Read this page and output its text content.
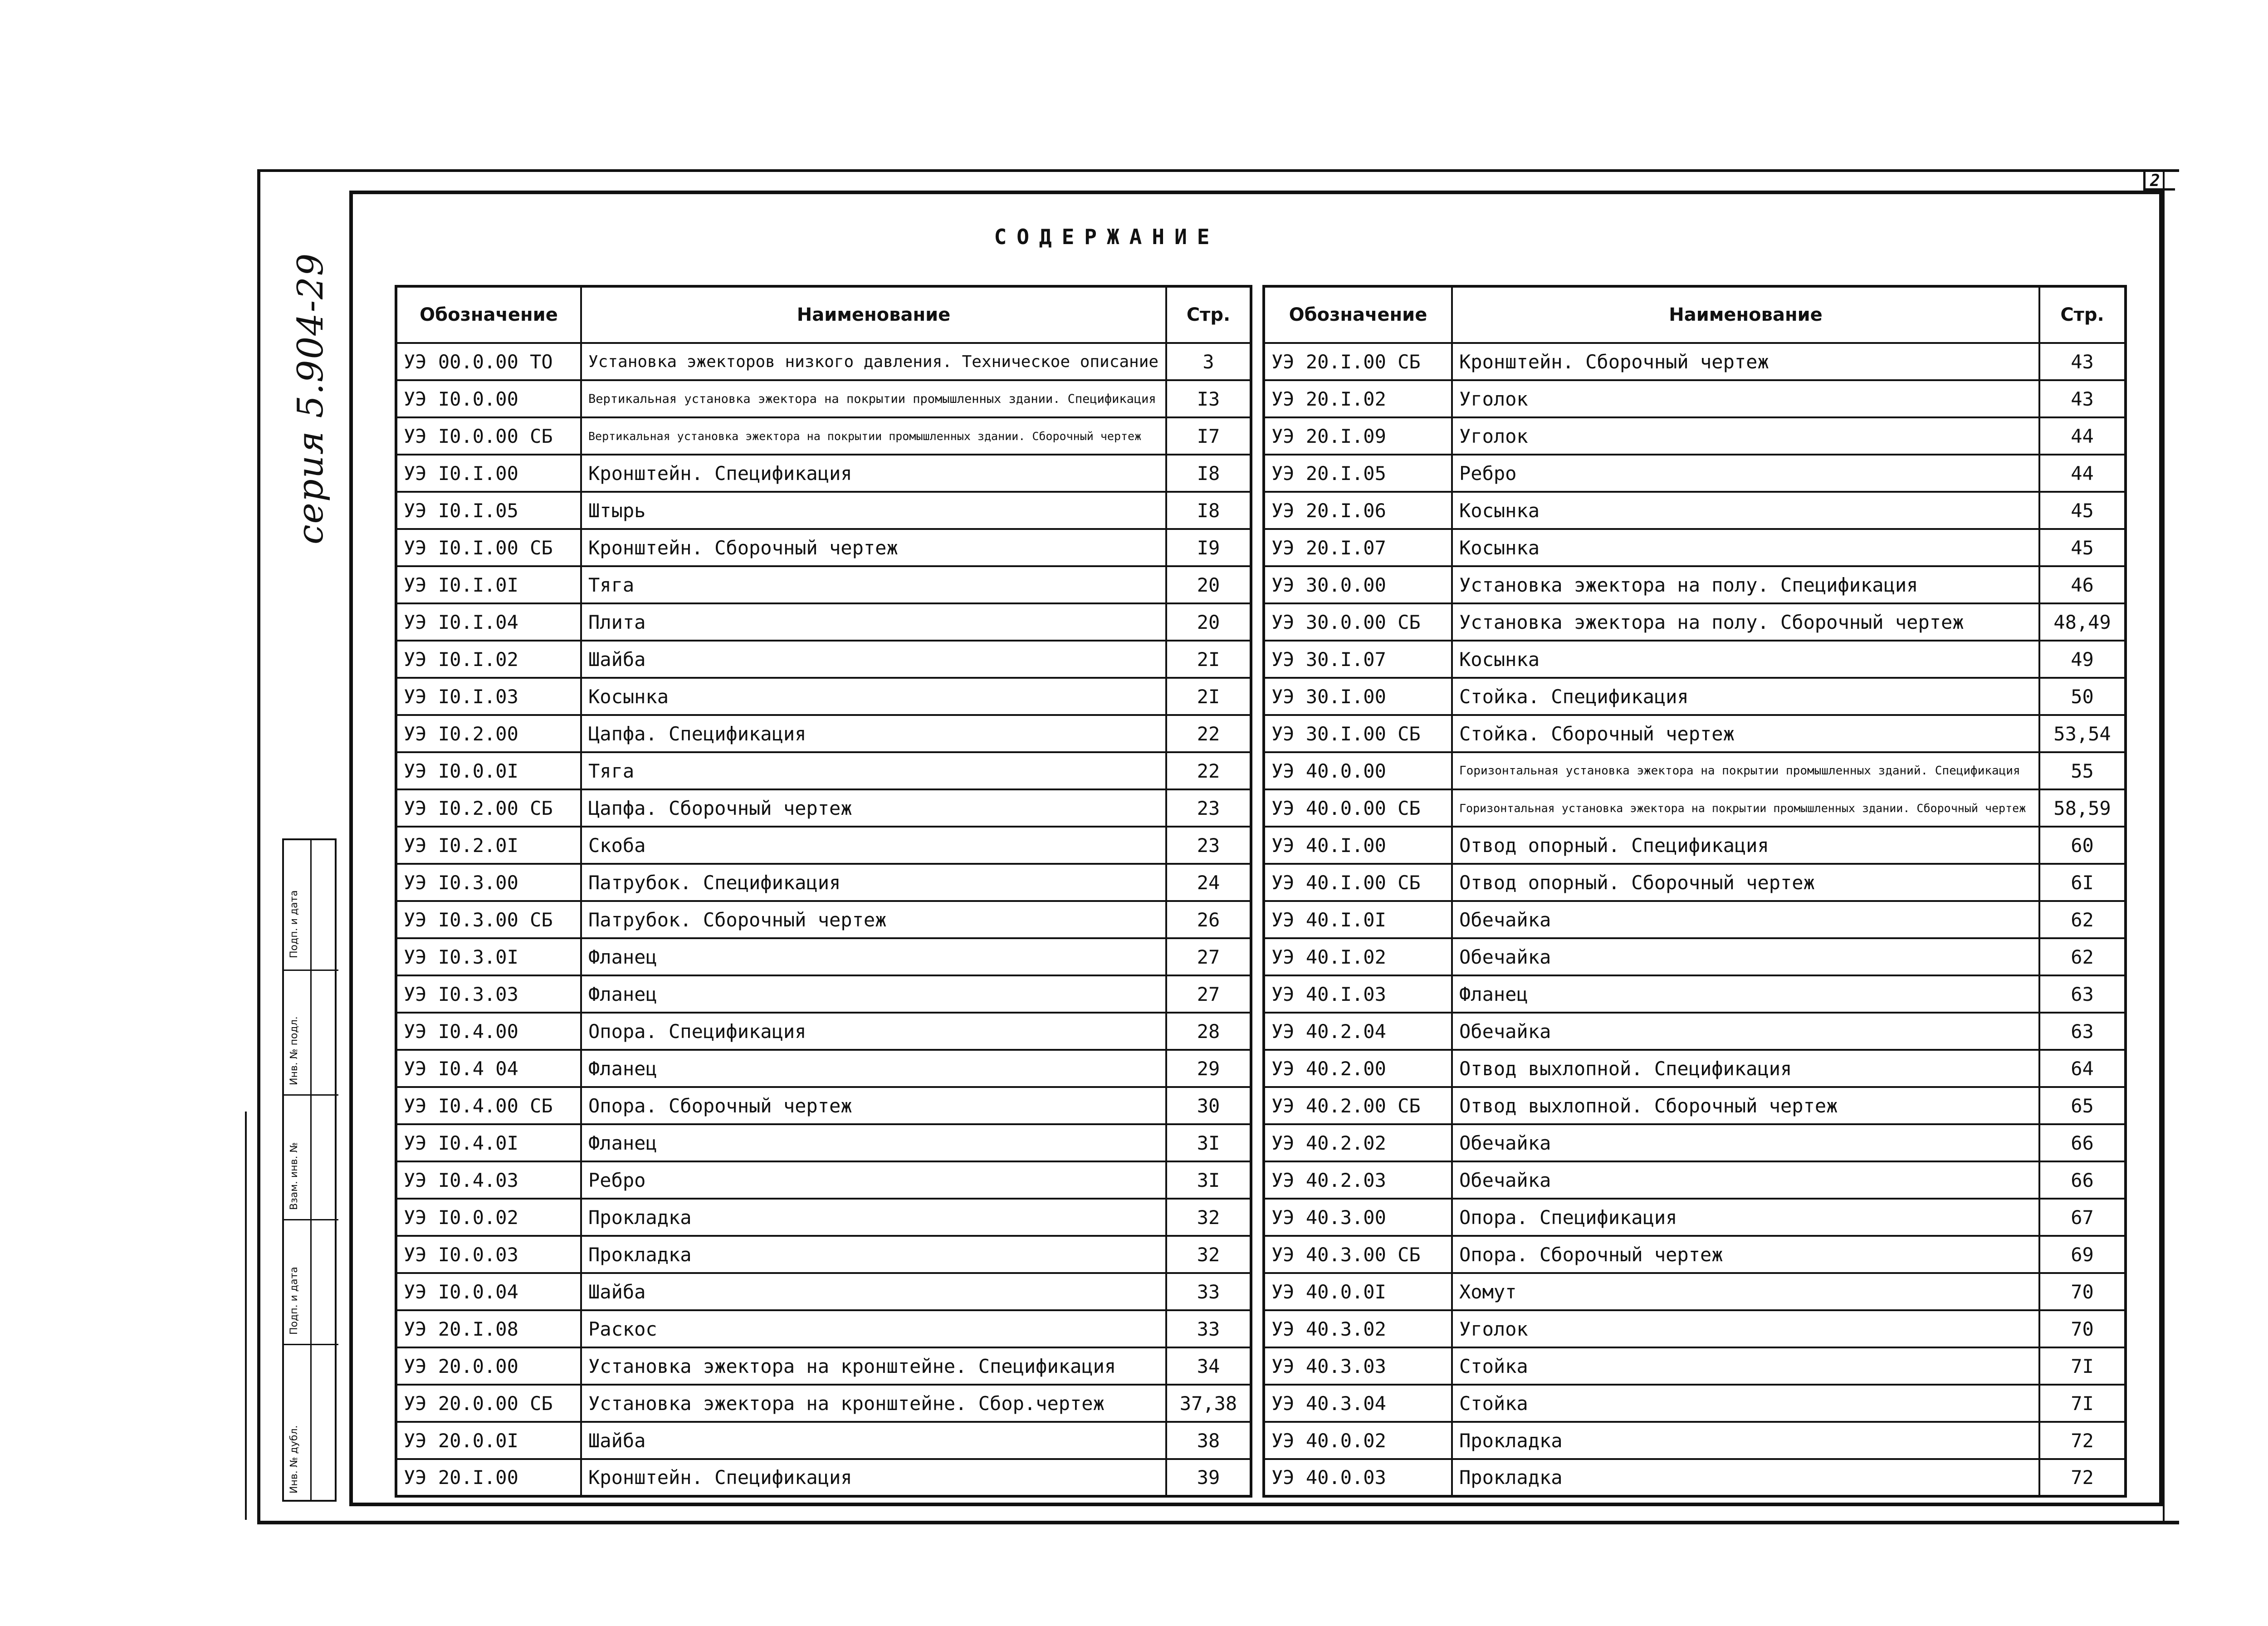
2
серия 5.904-29
СОДЕРЖАНИЕ
Обозначение	Наименование	Стр.
УЭ 00.0.00 ТО	Установка эжекторов низкого давления. Техническое описание	3
УЭ I0.0.00	Вертикальная установка эжектора на покрытии промышленных здании. Спецификация	I3
УЭ I0.0.00 СБ	Вертикальная установка эжектора на покрытии промышленных здании. Сборочный чертеж	I7
УЭ I0.I.00	Кронштейн. Спецификация	I8
УЭ I0.I.05	Штырь	I8
УЭ I0.I.00 СБ	Кронштейн. Сборочный чертеж	I9
УЭ I0.I.0I	Тяга	20
УЭ I0.I.04	Плита	20
УЭ I0.I.02	Шайба	2I
УЭ I0.I.03	Косынка	2I
УЭ I0.2.00	Цапфа. Спецификация	22
УЭ I0.0.0I	Тяга	22
УЭ I0.2.00 СБ	Цапфа. Сборочный чертеж	23
УЭ I0.2.0I	Скоба	23
УЭ I0.3.00	Патрубок. Спецификация	24
УЭ I0.3.00 СБ	Патрубок. Сборочный чертеж	26
УЭ I0.3.0I	Фланец	27
УЭ I0.3.03	Фланец	27
УЭ I0.4.00	Опора. Спецификация	28
УЭ I0.4 04	Фланец	29
УЭ I0.4.00 СБ	Опора. Сборочный чертеж	30
УЭ I0.4.0I	Фланец	3I
УЭ I0.4.03	Ребро	3I
УЭ I0.0.02	Прокладка	32
УЭ I0.0.03	Прокладка	32
УЭ I0.0.04	Шайба	33
УЭ 20.I.08	Раскос	33
УЭ 20.0.00	Установка эжектора на кронштейне. Спецификация	34
УЭ 20.0.00 СБ	Установка эжектора на кронштейне. Сбор.чертеж	37,38
УЭ 20.0.0I	Шайба	38
УЭ 20.I.00	Кронштейн. Спецификация	39
Обозначение	Наименование	Стр.
УЭ 20.I.00 СБ	Кронштейн. Сборочный чертеж	43
УЭ 20.I.02	Уголок	43
УЭ 20.I.09	Уголок	44
УЭ 20.I.05	Ребро	44
УЭ 20.I.06	Косынка	45
УЭ 20.I.07	Косынка	45
УЭ 30.0.00	Установка эжектора на полу. Спецификация	46
УЭ 30.0.00 СБ	Установка эжектора на полу. Сборочный чертеж	48,49
УЭ 30.I.07	Косынка	49
УЭ 30.I.00	Стойка. Спецификация	50
УЭ 30.I.00 СБ	Стойка. Сборочный чертеж	53,54
УЭ 40.0.00	Горизонтальная установка эжектора на покрытии промышленных зданий. Спецификация	55
УЭ 40.0.00 СБ	Горизонтальная установка эжектора на покрытии промышленных здании. Сборочный чертеж	58,59
УЭ 40.I.00	Отвод опорный. Спецификация	60
УЭ 40.I.00 СБ	Отвод опорный. Сборочный чертеж	6I
УЭ 40.I.0I	Обечайка	62
УЭ 40.I.02	Обечайка	62
УЭ 40.I.03	Фланец	63
УЭ 40.2.04	Обечайка	63
УЭ 40.2.00	Отвод выхлопной. Спецификация	64
УЭ 40.2.00 СБ	Отвод выхлопной. Сборочный чертеж	65
УЭ 40.2.02	Обечайка	66
УЭ 40.2.03	Обечайка	66
УЭ 40.3.00	Опора. Спецификация	67
УЭ 40.3.00 СБ	Опора. Сборочный чертеж	69
УЭ 40.0.0I	Хомут	70
УЭ 40.3.02	Уголок	70
УЭ 40.3.03	Стойка	7I
УЭ 40.3.04	Стойка	7I
УЭ 40.0.02	Прокладка	72
УЭ 40.0.03	Прокладка	72
Подп. и дата
Инв. № подл.
Взам. инв. №
Подп. и дата
Инв. № дубл.
